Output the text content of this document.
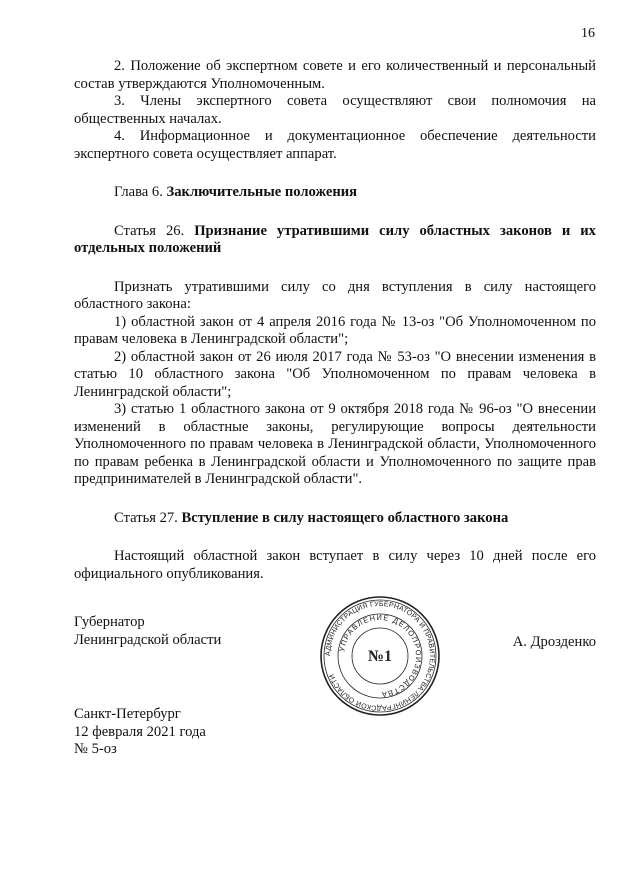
16

2. Положение об экспертном совете и его количественный и персональный состав утверждаются Уполномоченным.

3. Члены экспертного совета осуществляют свои полномочия на общественных началах.

4. Информационное и документационное обеспечение деятельности экспертного совета осуществляет аппарат.

Глава 6. Заключительные положения

Статья 26. Признание утратившими силу областных законов и их отдельных положений

Признать утратившими силу со дня вступления в силу настоящего областного закона:

1) областной закон от 4 апреля 2016 года № 13-оз "Об Уполномоченном по правам человека в Ленинградской области";

2) областной закон от 26 июля 2017 года № 53-оз "О внесении изменения в статью 10 областного закона "Об Уполномоченном по правам человека в Ленинградской области";

3) статью 1 областного закона от 9 октября 2018 года № 96-оз "О внесении изменений в областные законы, регулирующие вопросы деятельности Уполномоченного по правам человека в Ленинградской области, Уполномоченного по правам ребенка в Ленинградской области и Уполномоченного по защите прав предпринимателей в Ленинградской области".

Статья 27. Вступление в силу настоящего областного закона

Настоящий областной закон вступает в силу через 10 дней после его официального опубликования.

Губернатор
Ленинградской области	А. Дрозденко
АДМИНИСТРАЦИЯ ГУБЕРНАТОРА И ПРАВИТЕЛЬСТВА ЛЕНИНГРАДСКОЙ ОБЛАСТИ
УПРАВЛЕНИЕ ДЕЛОПРОИЗВОДСТВА
№1
Санкт-Петербург
12 февраля 2021 года
№ 5-оз
